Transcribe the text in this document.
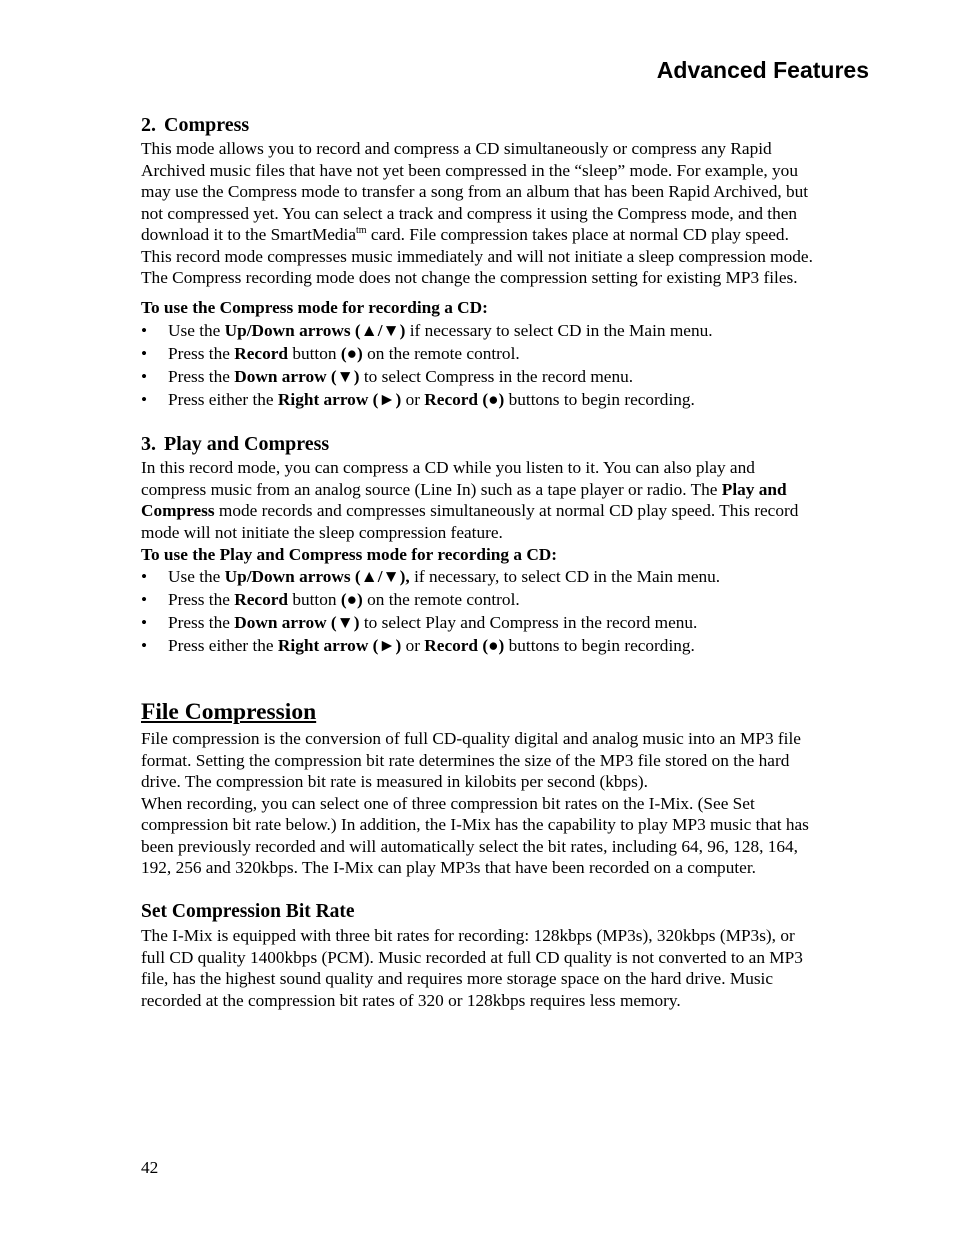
Advanced Features
2. Compress

This mode allows you to record and compress a CD simultaneously or compress any Rapid
Archived music files that have not yet been compressed in the “sleep” mode. For example, you
may use the Compress mode to transfer a song from an album that has been Rapid Archived, but
not compressed yet. You can select a track and compress it using the Compress mode, and then
download it to the SmartMedia$^{tm}$ card. File compression takes place at normal CD play speed.
This record mode compresses music immediately and will not initiate a sleep compression mode.
The Compress recording mode does not change the compression setting for existing MP3 files.

To use the Compress mode for recording a CD:
• Use the Up/Down arrows (▲/▼) if necessary to select CD in the Main menu.
• Press the Record button (●) on the remote control.
• Press the Down arrow (▼) to select Compress in the record menu.
• Press either the Right arrow (►) or Record (●) buttons to begin recording.
3. Play and Compress

In this record mode, you can compress a CD while you listen to it. You can also play and
compress music from an analog source (Line In) such as a tape player or radio. The Play and
Compress mode records and compresses simultaneously at normal CD play speed. This record
mode will not initiate the sleep compression feature.

To use the Play and Compress mode for recording a CD:
• Use the Up/Down arrows (▲/▼), if necessary, to select CD in the Main menu.
• Press the Record button (●) on the remote control.
• Press the Down arrow (▼) to select Play and Compress in the record menu.
• Press either the Right arrow (►) or Record (●) buttons to begin recording.
File Compression

File compression is the conversion of full CD-quality digital and analog music into an MP3 file
format. Setting the compression bit rate determines the size of the MP3 file stored on the hard
drive. The compression bit rate is measured in kilobits per second (kbps).
When recording, you can select one of three compression bit rates on the I-Mix. (See Set
compression bit rate below.) In addition, the I-Mix has the capability to play MP3 music that has
been previously recorded and will automatically select the bit rates, including 64, 96, 128, 164,
192, 256 and 320kbps. The I-Mix can play MP3s that have been recorded on a computer.

Set Compression Bit Rate

The I-Mix is equipped with three bit rates for recording: 128kbps (MP3s), 320kbps (MP3s), or
full CD quality 1400kbps (PCM). Music recorded at full CD quality is not converted to an MP3
file, has the highest sound quality and requires more storage space on the hard drive. Music
recorded at the compression bit rates of 320 or 128kbps requires less memory.

42
